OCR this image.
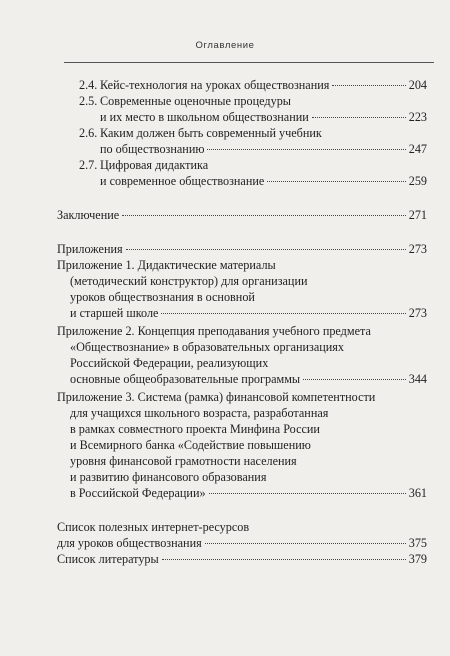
Оглавление
2.4. Кейс-технология на уроках обществознания	204
2.5. Современные оценочные процедуры
и их место в школьном обществознании	223
2.6. Каким должен быть современный учебник
по обществознанию	247
2.7. Цифровая дидактика
и современное обществознание	259
Заключение	271
Приложения	273
Приложение 1. Дидактические материалы
(методический конструктор) для организации
уроков обществознания в основной
и старшей школе	273
Приложение 2. Концепция преподавания учебного предмета
«Обществознание» в образовательных организациях
Российской Федерации, реализующих
основные общеобразовательные программы	344
Приложение 3. Система (рамка) финансовой компетентности
для учащихся школьного возраста, разработанная
в рамках совместного проекта Минфина России
и Всемирного банка «Содействие повышению
уровня финансовой грамотности населения
и развитию финансового образования
в Российской Федерации»	361
Список полезных интернет-ресурсов
для уроков обществознания	375
Список литературы	379
